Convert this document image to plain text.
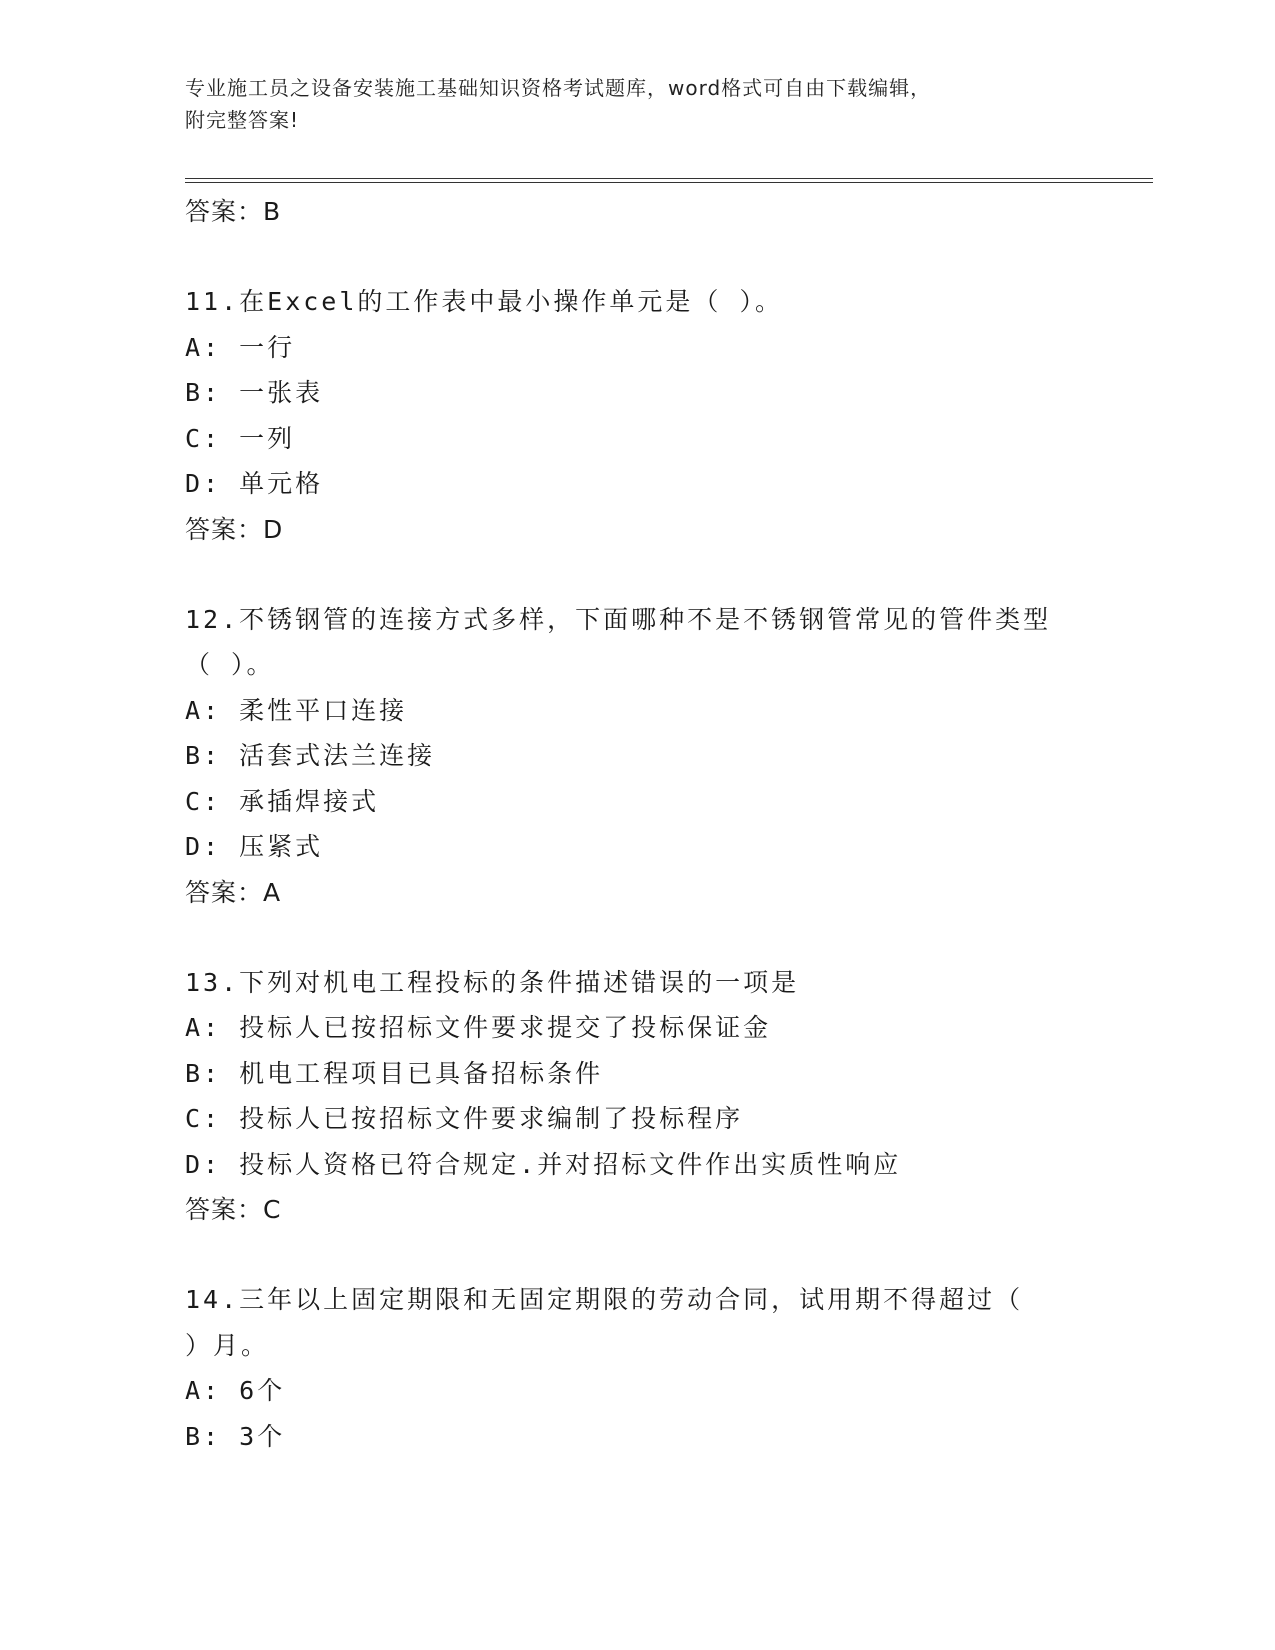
专业施工员之设备安装施工基础知识资格考试题库，word格式可自由下载编辑，
附完整答案!
答案：B
11.在Excel的工作表中最小操作单元是（ ）。
A: 一行
B: 一张表
C: 一列
D: 单元格
答案：D
12.不锈钢管的连接方式多样，下面哪种不是不锈钢管常见的管件类型
（ ）。
A: 柔性平口连接
B: 活套式法兰连接
C: 承插焊接式
D: 压紧式
答案：A
13.下列对机电工程投标的条件描述错误的一项是
A: 投标人已按招标文件要求提交了投标保证金
B: 机电工程项目已具备招标条件
C: 投标人已按招标文件要求编制了投标程序
D: 投标人资格已符合规定.并对招标文件作出实质性响应
答案：C
14.三年以上固定期限和无固定期限的劳动合同，试用期不得超过（
）月。
A: 6个
B: 3个
